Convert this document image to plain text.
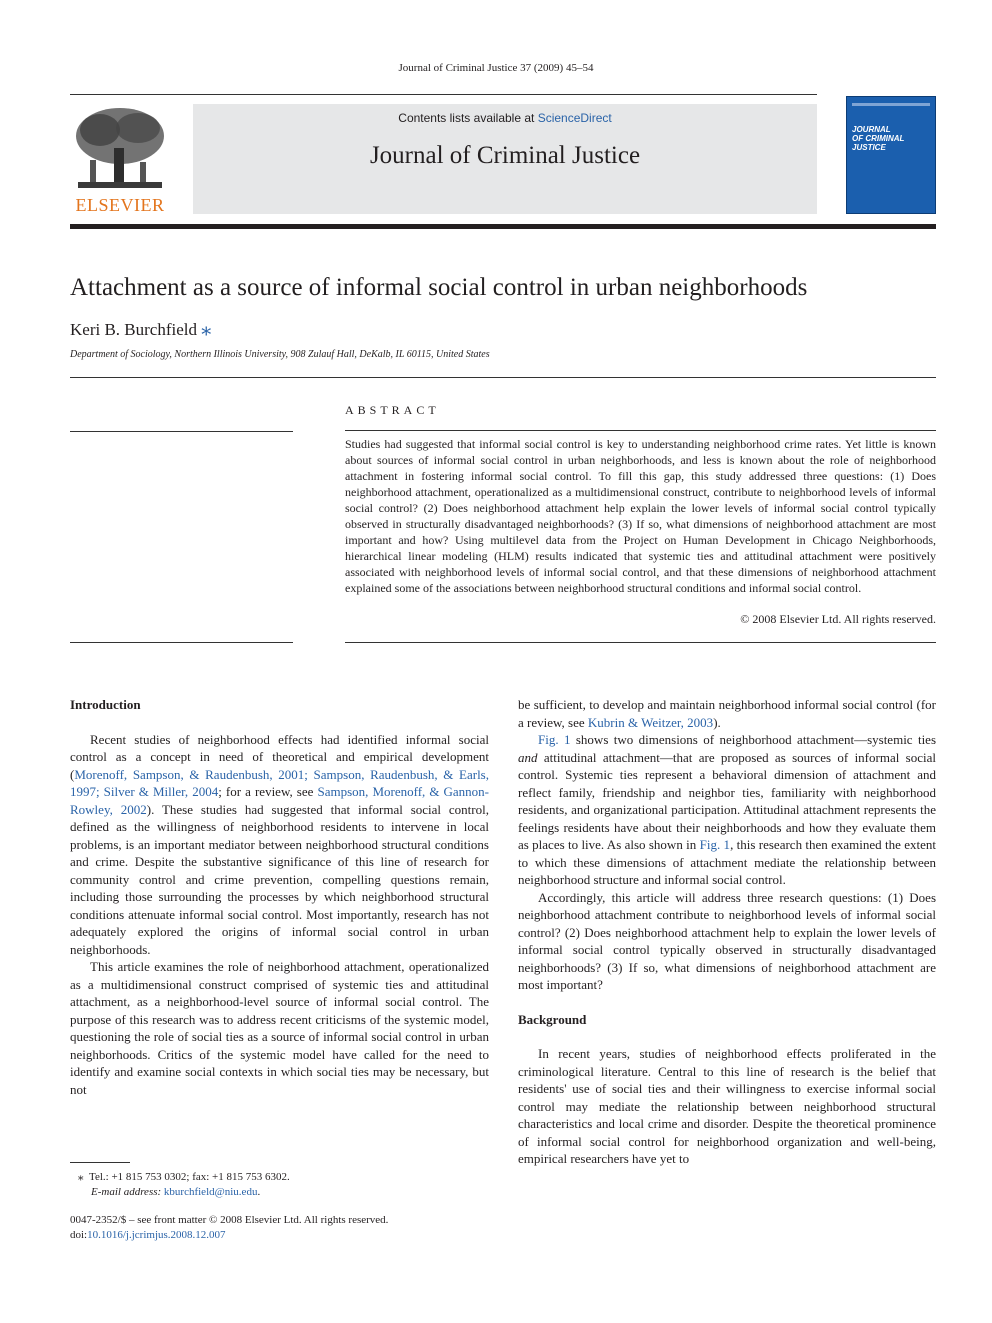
Journal of Criminal Justice 37 (2009) 45–54
ELSEVIER
Contents lists available at ScienceDirect
Journal of Criminal Justice
JOURNAL
OF CRIMINAL
JUSTICE
Attachment as a source of informal social control in urban neighborhoods
Keri B. Burchfield ⁎
Department of Sociology, Northern Illinois University, 908 Zulauf Hall, DeKalb, IL 60115, United States
ABSTRACT
Studies had suggested that informal social control is key to understanding neighborhood crime rates. Yet little is known about sources of informal social control in urban neighborhoods, and less is known about the role of neighborhood attachment in fostering informal social control. To fill this gap, this study addressed three questions: (1) Does neighborhood attachment, operationalized as a multidimensional construct, contribute to neighborhood levels of informal social control? (2) Does neighborhood attachment help explain the lower levels of informal social control typically observed in structurally disadvantaged neighborhoods? (3) If so, what dimensions of neighborhood attachment are most important and how? Using multilevel data from the Project on Human Development in Chicago Neighborhoods, hierarchical linear modeling (HLM) results indicated that systemic ties and attitudinal attachment were positively associated with neighborhood levels of informal social control, and that these dimensions of neighborhood attachment explained some of the associations between neighborhood structural conditions and informal social control.
© 2008 Elsevier Ltd. All rights reserved.
Introduction

Recent studies of neighborhood effects had identified informal social control as a concept in need of theoretical and empirical development (Morenoff, Sampson, & Raudenbush, 2001; Sampson, Raudenbush, & Earls, 1997; Silver & Miller, 2004; for a review, see Sampson, Morenoff, & Gannon-Rowley, 2002). These studies had suggested that informal social control, defined as the willingness of neighborhood residents to intervene in local problems, is an important mediator between neighborhood structural conditions and crime. Despite the substantive significance of this line of research for community control and crime prevention, compelling questions remain, including those surrounding the processes by which neighborhood structural conditions attenuate informal social control. Most importantly, research has not adequately explored the origins of informal social control in urban neighborhoods.

This article examines the role of neighborhood attachment, operationalized as a multidimensional construct comprised of systemic ties and attitudinal attachment, as a neighborhood-level source of informal social control. The purpose of this research was to address recent criticisms of the systemic model, questioning the role of social ties as a source of informal social control in urban neighborhoods. Critics of the systemic model have called for the need to identify and examine social contexts in which social ties may be necessary, but not

⁎ Tel.: +1 815 753 0302; fax: +1 815 753 6302.
E-mail address: kburchfield@niu.edu.
0047-2352/$ – see front matter © 2008 Elsevier Ltd. All rights reserved.
doi:10.1016/j.jcrimjus.2008.12.007

be sufficient, to develop and maintain neighborhood informal social control (for a review, see Kubrin & Weitzer, 2003).

Fig. 1 shows two dimensions of neighborhood attachment—systemic ties and attitudinal attachment—that are proposed as sources of informal social control. Systemic ties represent a behavioral dimension of attachment and reflect family, friendship and neighbor ties, familiarity with neighborhood residents, and organizational participation. Attitudinal attachment represents the feelings residents have about their neighborhoods and how they evaluate them as places to live. As also shown in Fig. 1, this research then examined the extent to which these dimensions of attachment mediate the relationship between neighborhood structure and informal social control.

Accordingly, this article will address three research questions: (1) Does neighborhood attachment contribute to neighborhood levels of informal social control? (2) Does neighborhood attachment help to explain the lower levels of informal social control typically observed in structurally disadvantaged neighborhoods? (3) If so, what dimensions of neighborhood attachment are most important?

Background

In recent years, studies of neighborhood effects proliferated in the criminological literature. Central to this line of research is the belief that residents' use of social ties and their willingness to exercise informal social control may mediate the relationship between neighborhood structural characteristics and local crime and disorder. Despite the theoretical prominence of informal social control for neighborhood organization and well-being, empirical researchers have yet to
